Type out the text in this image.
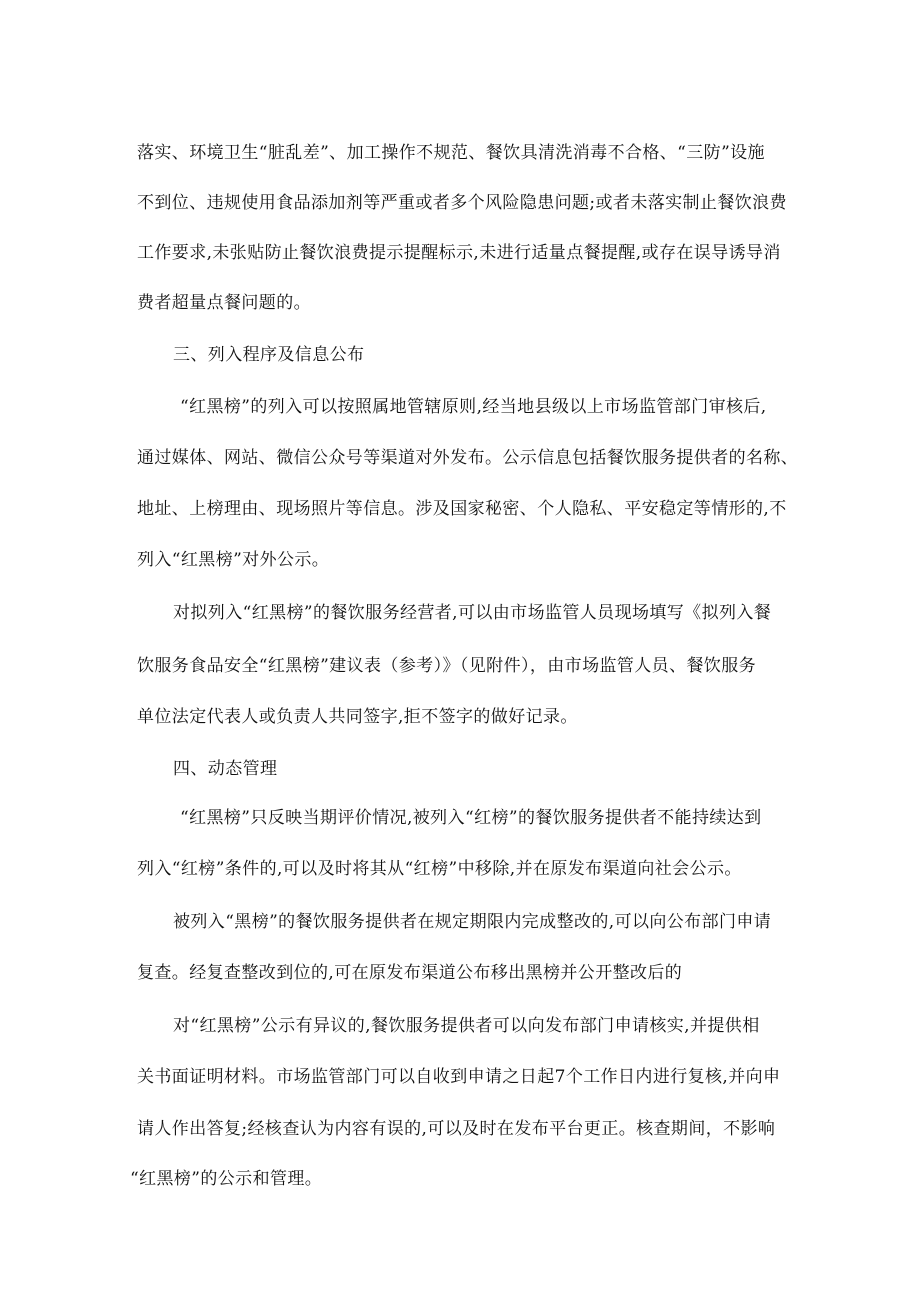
落实、环境卫生“脏乱差”、加工操作不规范、餐饮具清洗消毒不合格、“三防”设施
不到位、违规使用食品添加剂等严重或者多个风险隐患问题;或者未落实制止餐饮浪费
工作要求,未张贴防止餐饮浪费提示提醒标示,未进行适量点餐提醒,或存在误导诱导消
费者超量点餐问题的。
三、列入程序及信息公布
“红黑榜”的列入可以按照属地管辖原则,经当地县级以上市场监管部门审核后,
通过媒体、网站、微信公众号等渠道对外发布。公示信息包括餐饮服务提供者的名称、
地址、上榜理由、现场照片等信息。涉及国家秘密、个人隐私、平安稳定等情形的,不
列入“红黑榜”对外公示。
对拟列入“红黑榜”的餐饮服务经营者,可以由市场监管人员现场填写《拟列入餐
饮服务食品安全“红黑榜”建议表（参考）》（见附件），由市场监管人员、餐饮服务
单位法定代表人或负责人共同签字,拒不签字的做好记录。
四、动态管理
“红黑榜”只反映当期评价情况,被列入“红榜”的餐饮服务提供者不能持续达到
列入“红榜”条件的,可以及时将其从“红榜”中移除,并在原发布渠道向社会公示。
被列入“黑榜”的餐饮服务提供者在规定期限内完成整改的,可以向公布部门申请
复查。经复查整改到位的,可在原发布渠道公布移出黑榜并公开整改后的
对“红黑榜”公示有异议的,餐饮服务提供者可以向发布部门申请核实,并提供相
关书面证明材料。市场监管部门可以自收到申请之日起7个工作日内进行复核,并向申
请人作出答复;经核查认为内容有误的,可以及时在发布平台更正。核查期间，不影响
“红黑榜”的公示和管理。
